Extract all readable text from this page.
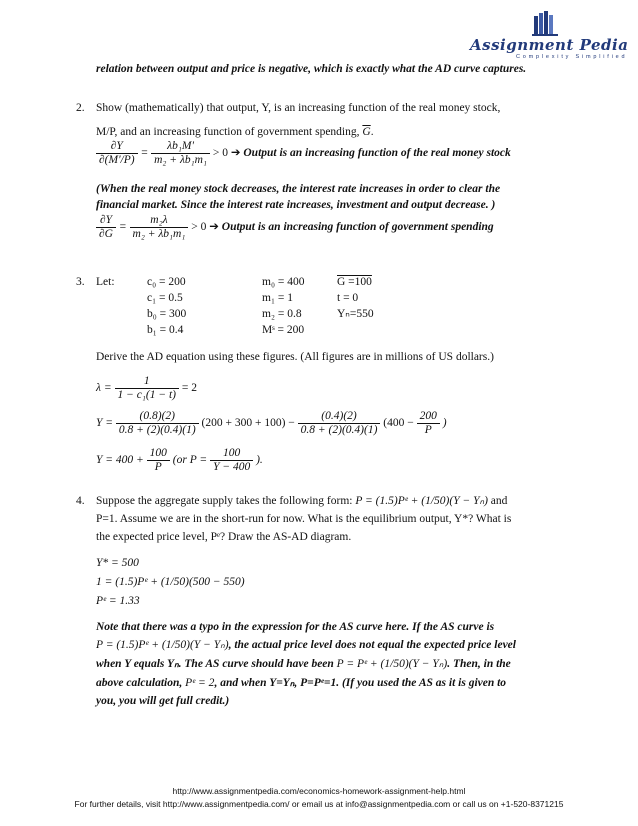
Assignment Pedia
Complexity Simplified
relation between output and price is negative, which is exactly what the AD curve captures.
2. Show (mathematically) that output, Y, is an increasing function of the real money stock,
M/P, and an increasing function of government spending, $\overline{G}$.
$\frac{\partial Y}{\partial(M'/P)} = \frac{\text{λb₁M'}}{\text{m₂ + λb₁m₁}} > 0$ ➔ Output is an increasing function of the real money stock
(When the real money stock decreases, the interest rate increases in order to clear the
financial market. Since the interest rate increases, investment and output decrease. )
$\frac{\partial Y}{\partial G} = \frac{\text{m₂λ}}{\text{m₂ + λb₁m₁}} > 0$ ➔ Output is an increasing function of government spending
3. Let:	c₀ = 200
c₁ = 0.5
b₀ = 300
b₁ = 0.4
m₀ = 400
m₁ = 1
m₂ = 0.8
Mˢ = 200
G =100
t = 0
Yₙ=550
Derive the AD equation using these figures. (All figures are in millions of US dollars.)
$\lambda = \frac{1}{\text{1 − c₁(1 − t)}} = 2$
$Y = \frac{(0.8)(2)}{0.8 + (2)(0.4)(1)} (200 + 300 + 100) - \frac{(0.4)(2)}{0.8 + (2)(0.4)(1)} (400 - \frac{200}{P}$ )
$Y = 400 + \frac{100}{P} (or$ $P = \frac{100}{Y - 400}$ ).
4. Suppose the aggregate supply takes the following form: P = (1.5)Pᵉ + (1/50)(Y − Yₙ) and
P=1. Assume we are in the short-run for now. What is the equilibrium output, Y*? What is
the expected price level, Pᵉ? Draw the AS-AD diagram.
Y* = 500
1 = (1.5)Pᵉ + (1/50)(500 − 550)
Pᵉ = 1.33
Note that there was a typo in the expression for the AS curve here. If the AS curve is
P = (1.5)Pᵉ + (1/50)(Y − Yₙ), the actual price level does not equal the expected price level
when Y equals Yₙ. The AS curve should have been P = Pᵉ + (1/50)(Y − Yₙ). Then, in the
above calculation, Pᵉ = 2, and when Y=Yₙ, P=Pᵉ=1. (If you used the AS as it is given to
you, you will get full credit.)
http://www.assignmentpedia.com/economics-homework-assignment-help.html
For further details, visit http://www.assignmentpedia.com/ or email us at info@assignmentpedia.com or call us on +1-520-8371215
